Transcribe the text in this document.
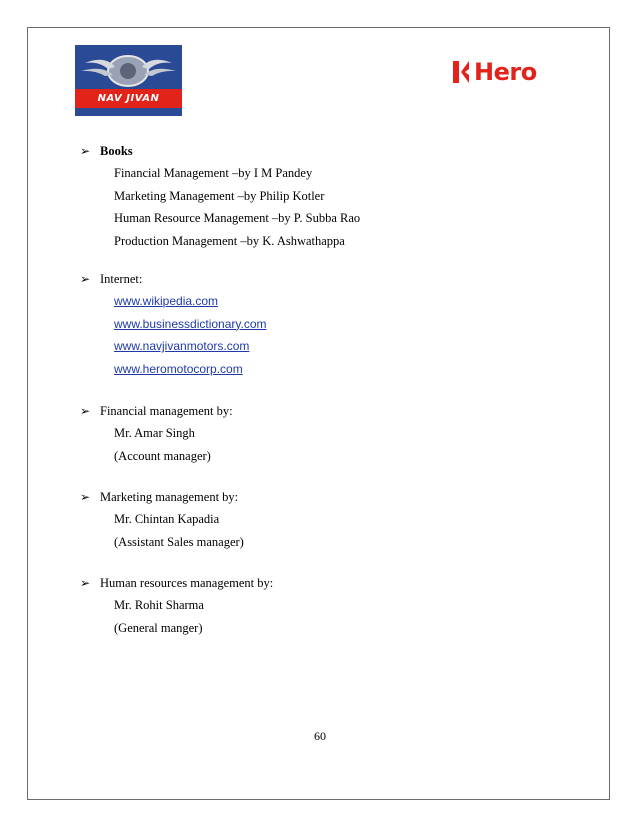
NAV JIVAN
Hero
➢ Books
Financial Management –by I M Pandey
Marketing Management –by Philip Kotler
Human Resource Management –by P. Subba Rao
Production Management –by K. Ashwathappa
➢ Internet:
www.wikipedia.com
www.businessdictionary.com
www.navjivanmotors.com
www.heromotocorp.com
➢ Financial management by:
Mr. Amar Singh
(Account manager)
➢ Marketing management by:
Mr. Chintan Kapadia
(Assistant Sales manager)
➢ Human resources management by:
Mr. Rohit Sharma
(General manger)
60
